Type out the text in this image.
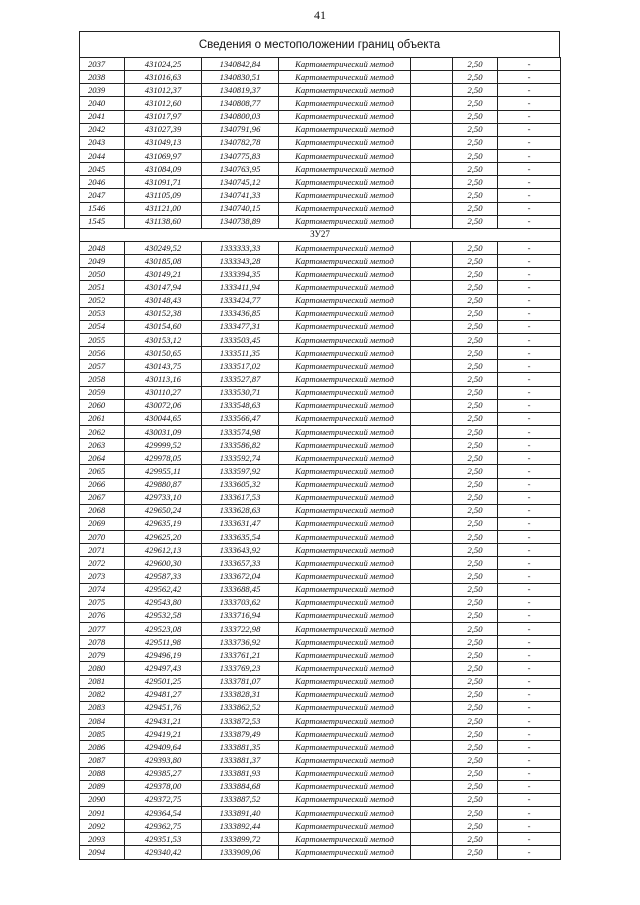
41
Сведения о местоположении границ объекта
2037	431024,25	1340842,84	Картометрический метод		2,50	-
2038	431016,63	1340830,51	Картометрический метод		2,50	-
2039	431012,37	1340819,37	Картометрический метод		2,50	-
2040	431012,60	1340808,77	Картометрический метод		2,50	-
2041	431017,97	1340800,03	Картометрический метод		2,50	-
2042	431027,39	1340791,96	Картометрический метод		2,50	-
2043	431049,13	1340782,78	Картометрический метод		2,50	-
2044	431069,97	1340775,83	Картометрический метод		2,50	-
2045	431084,09	1340763,95	Картометрический метод		2,50	-
2046	431091,71	1340745,12	Картометрический метод		2,50	-
2047	431105,09	1340741,33	Картометрический метод		2,50	-
1546	431121,00	1340740,15	Картометрический метод		2,50	-
1545	431138,60	1340738,89	Картометрический метод		2,50	-
ЗУ27						
2048	430249,52	1333333,33	Картометрический метод		2,50	-
2049	430185,08	1333343,28	Картометрический метод		2,50	-
2050	430149,21	1333394,35	Картометрический метод		2,50	-
2051	430147,94	1333411,94	Картометрический метод		2,50	-
2052	430148,43	1333424,77	Картометрический метод		2,50	-
2053	430152,38	1333436,85	Картометрический метод		2,50	-
2054	430154,60	1333477,31	Картометрический метод		2,50	-
2055	430153,12	1333503,45	Картометрический метод		2,50	-
2056	430150,65	1333511,35	Картометрический метод		2,50	-
2057	430143,75	1333517,02	Картометрический метод		2,50	-
2058	430113,16	1333527,87	Картометрический метод		2,50	-
2059	430110,27	1333530,71	Картометрический метод		2,50	-
2060	430072,06	1333548,63	Картометрический метод		2,50	-
2061	430044,65	1333566,47	Картометрический метод		2,50	-
2062	430031,09	1333574,98	Картометрический метод		2,50	-
2063	429999,52	1333586,82	Картометрический метод		2,50	-
2064	429978,05	1333592,74	Картометрический метод		2,50	-
2065	429955,11	1333597,92	Картометрический метод		2,50	-
2066	429880,87	1333605,32	Картометрический метод		2,50	-
2067	429733,10	1333617,53	Картометрический метод		2,50	-
2068	429650,24	1333628,63	Картометрический метод		2,50	-
2069	429635,19	1333631,47	Картометрический метод		2,50	-
2070	429625,20	1333635,54	Картометрический метод		2,50	-
2071	429612,13	1333643,92	Картометрический метод		2,50	-
2072	429600,30	1333657,33	Картометрический метод		2,50	-
2073	429587,33	1333672,04	Картометрический метод		2,50	-
2074	429562,42	1333688,45	Картометрический метод		2,50	-
2075	429543,80	1333703,62	Картометрический метод		2,50	-
2076	429532,58	1333716,94	Картометрический метод		2,50	-
2077	429523,08	1333722,98	Картометрический метод		2,50	-
2078	429511,98	1333736,92	Картометрический метод		2,50	-
2079	429496,19	1333761,21	Картометрический метод		2,50	-
2080	429497,43	1333769,23	Картометрический метод		2,50	-
2081	429501,25	1333781,07	Картометрический метод		2,50	-
2082	429481,27	1333828,31	Картометрический метод		2,50	-
2083	429451,76	1333862,52	Картометрический метод		2,50	-
2084	429431,21	1333872,53	Картометрический метод		2,50	-
2085	429419,21	1333879,49	Картометрический метод		2,50	-
2086	429409,64	1333881,35	Картометрический метод		2,50	-
2087	429393,80	1333881,37	Картометрический метод		2,50	-
2088	429385,27	1333881,93	Картометрический метод		2,50	-
2089	429378,00	1333884,68	Картометрический метод		2,50	-
2090	429372,75	1333887,52	Картометрический метод		2,50	-
2091	429364,54	1333891,40	Картометрический метод		2,50	-
2092	429362,75	1333892,44	Картометрический метод		2,50	-
2093	429351,53	1333899,72	Картометрический метод		2,50	-
2094	429340,42	1333909,06	Картометрический метод		2,50	-
